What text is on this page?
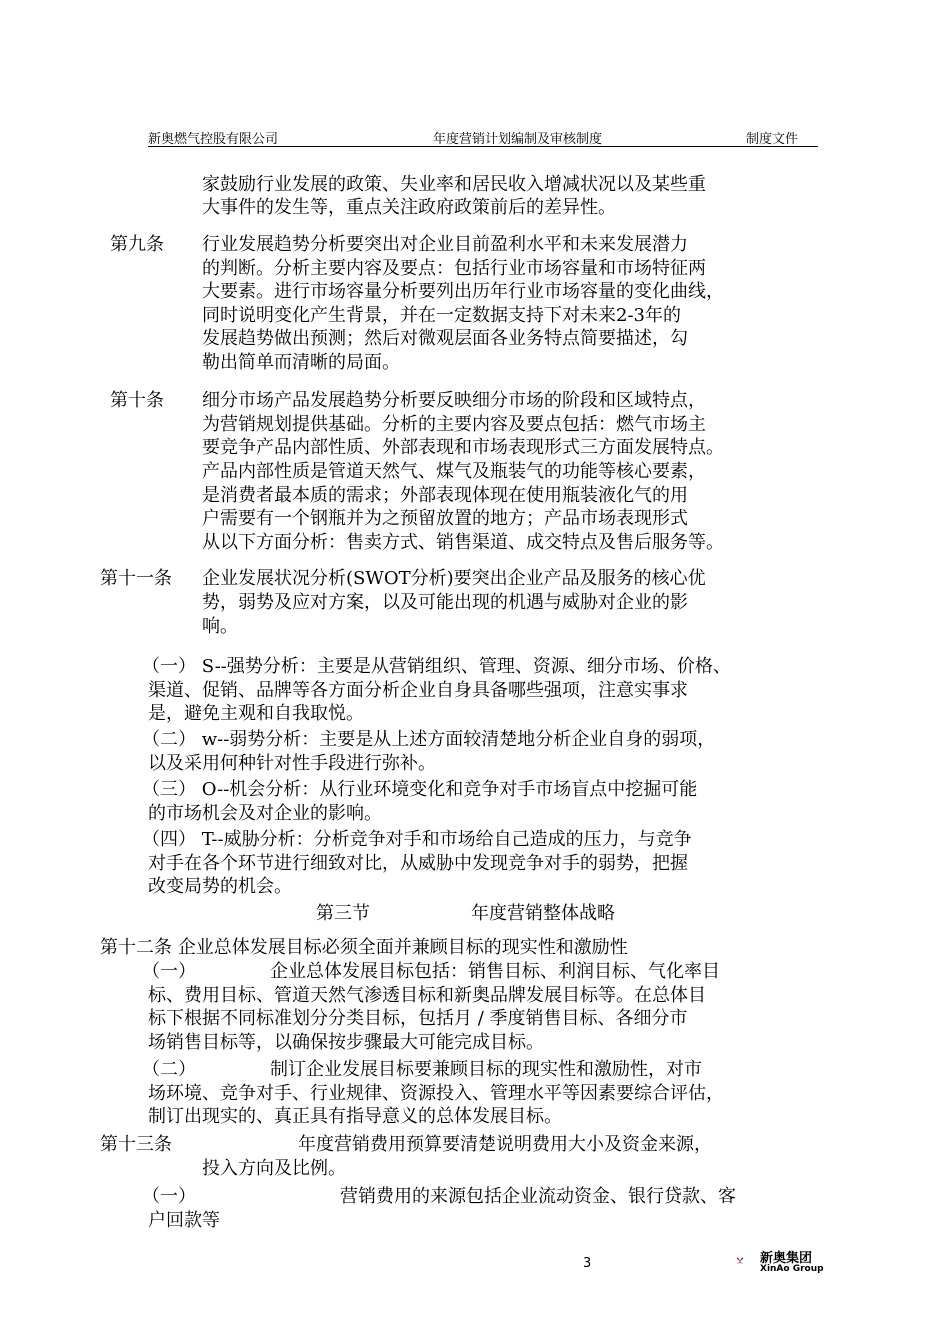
新奥燃气控股有限公司	年度营销计划编制及审核制度	制度文件
家鼓励行业发展的政策、失业率和居民收入增减状况以及某些重
大事件的发生等，重点关注政府政策前后的差异性。
第九条 行业发展趋势分析要突出对企业目前盈利水平和未来发展潜力
的判断。分析主要内容及要点：包括行业市场容量和市场特征两
大要素。进行市场容量分析要列出历年行业市场容量的变化曲线，
同时说明变化产生背景，并在一定数据支持下对未来2-3年的
发展趋势做出预测；然后对微观层面各业务特点简要描述，勾
勒出简单而清晰的局面。
第十条 细分市场产品发展趋势分析要反映细分市场的阶段和区域特点，
为营销规划提供基础。分析的主要内容及要点包括：燃气市场主
要竞争产品内部性质、外部表现和市场表现形式三方面发展特点。
产品内部性质是管道天然气、煤气及瓶装气的功能等核心要素，
是消费者最本质的需求；外部表现体现在使用瓶装液化气的用
户需要有一个钢瓶并为之预留放置的地方；产品市场表现形式
从以下方面分析：售卖方式、销售渠道、成交特点及售后服务等。
第十一条 企业发展状况分析(SWOT分析)要突出企业产品及服务的核心优
势，弱势及应对方案，以及可能出现的机遇与威胁对企业的影
响。
（一） S--强势分析：主要是从营销组织、管理、资源、细分市场、价格、
渠道、促销、品牌等各方面分析企业自身具备哪些强项，注意实事求
是，避免主观和自我取悦。
（二） w--弱势分析：主要是从上述方面较清楚地分析企业自身的弱项，
以及采用何种针对性手段进行弥补。
（三） O--机会分析：从行业环境变化和竞争对手市场盲点中挖掘可能
的市场机会及对企业的影响。
（四） T--威胁分析：分析竞争对手和市场给自己造成的压力，与竞争
对手在各个环节进行细致对比，从威胁中发现竞争对手的弱势，把握
改变局势的机会。
第三节	年度营销整体战略
第十二条 企业总体发展目标必须全面并兼顾目标的现实性和激励性
（一）	企业总体发展目标包括：销售目标、利润目标、气化率目
标、费用目标、管道天然气渗透目标和新奥品牌发展目标等。在总体目
标下根据不同标准划分分类目标，包括月 / 季度销售目标、各细分市
场销售目标等，以确保按步骤最大可能完成目标。
（二）	制订企业发展目标要兼顾目标的现实性和激励性，对市
场环境、竞争对手、行业规律、资源投入、管理水平等因素要综合评估，
制订出现实的、真正具有指导意义的总体发展目标。
第十三条	年度营销费用预算要清楚说明费用大小及资金来源，
投入方向及比例。
（一）	营销费用的来源包括企业流动资金、银行贷款、客
户回款等
3	新奥集团
XinAo Group
